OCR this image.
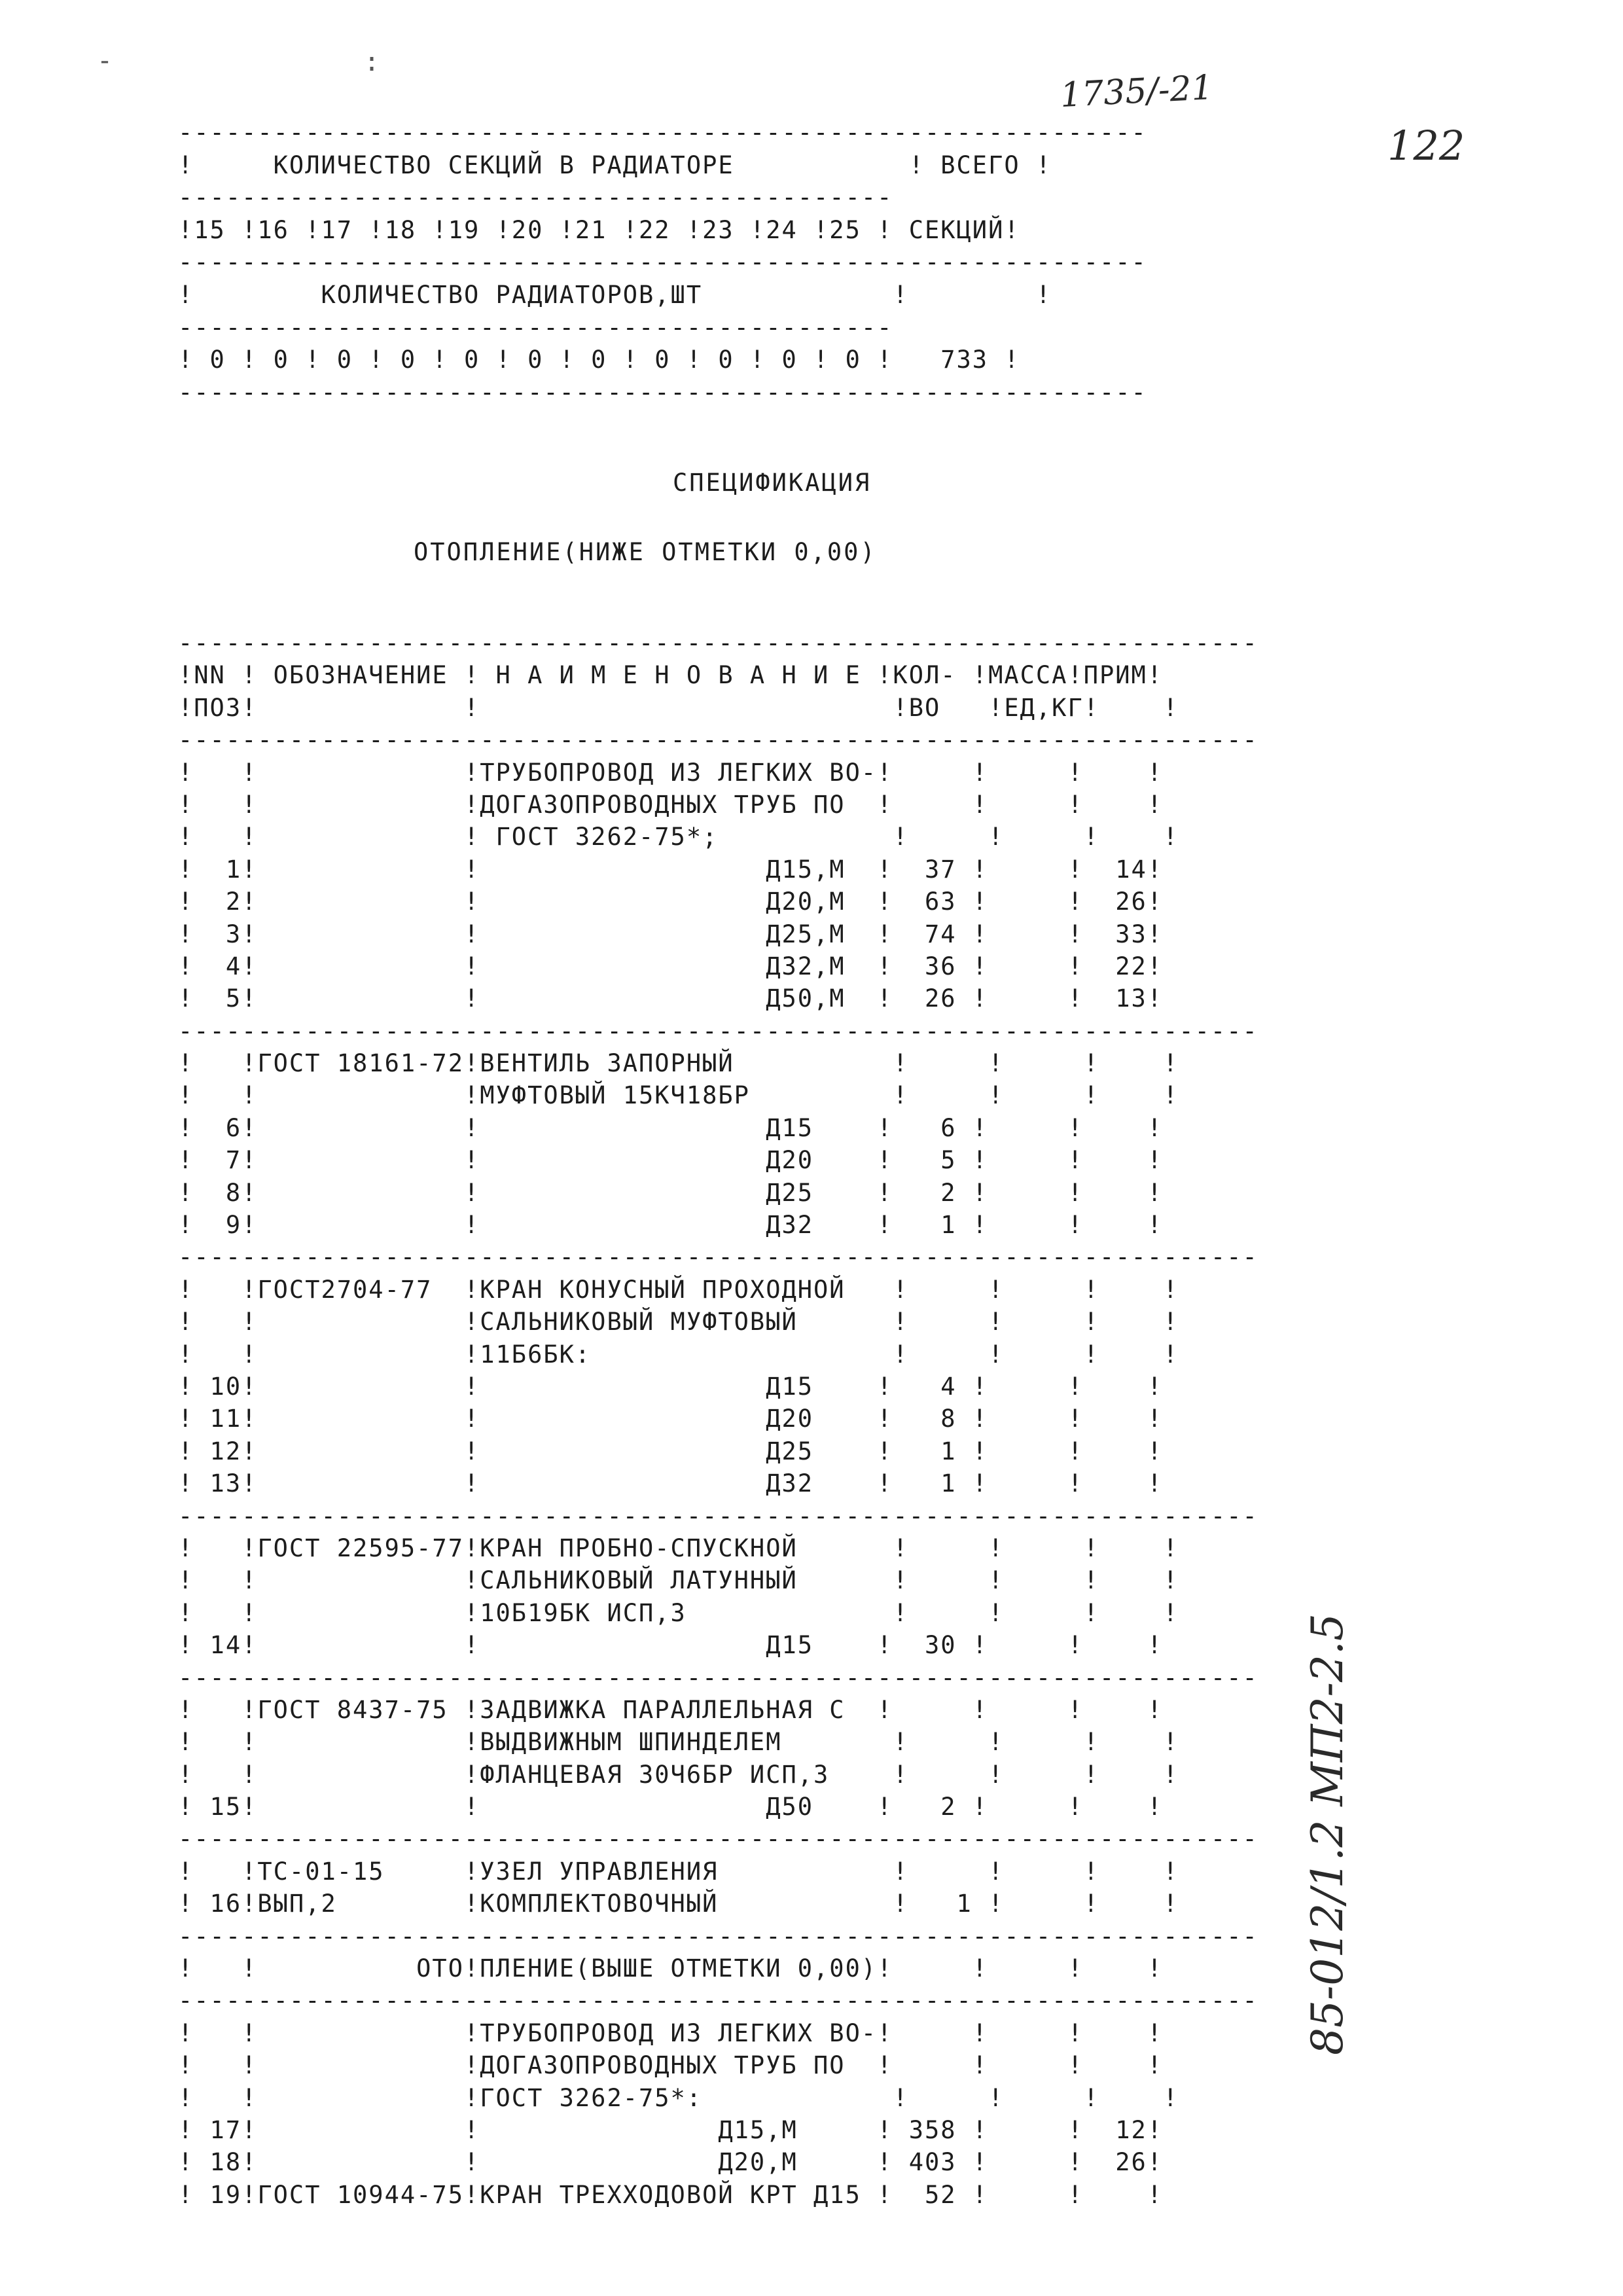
-	:
1735/-21
122
85-012/1.2 МП2-2.5
-------------------------------------------------------------
!     КОЛИЧЕСТВО СЕКЦИЙ В РАДИАТОРЕ           ! ВСЕГО !
---------------------------------------------
!15 !16 !17 !18 !19 !20 !21 !22 !23 !24 !25 ! СЕКЦИЙ!
-------------------------------------------------------------
!        КОЛИЧЕСТВО РАДИАТОРОВ,ШТ            !        !
---------------------------------------------
! 0 ! 0 ! 0 ! 0 ! 0 ! 0 ! 0 ! 0 ! 0 ! 0 ! 0 !   733 !
-------------------------------------------------------------
СПЕЦИФИКАЦИЯ
ОТОПЛЕНИЕ(НИЖЕ ОТМЕТКИ 0,00)
--------------------------------------------------------------------
!NN ! ОБОЗНАЧЕНИЕ ! Н А И М Е Н О В А Н И Е !КОЛ- !МАССА!ПРИМ!
!ПОЗ!             !                          !ВО   !ЕД,КГ!    !
--------------------------------------------------------------------
!   !             !ТРУБОПРОВОД ИЗ ЛЕГКИХ ВО-!     !     !    !
!   !             !ДОГАЗОПРОВОДНЫХ ТРУБ ПО  !     !     !    !
!   !             ! ГОСТ 3262-75*;           !     !     !    !
!  1!             !                  Д15,М  !  37 !     !  14!
!  2!             !                  Д20,М  !  63 !     !  26!
!  3!             !                  Д25,М  !  74 !     !  33!
!  4!             !                  Д32,М  !  36 !     !  22!
!  5!             !                  Д50,М  !  26 !     !  13!
--------------------------------------------------------------------
!   !ГОСТ 18161-72!ВЕНТИЛЬ ЗАПОРНЫЙ          !     !     !    !
!   !             !МУФТОВЫЙ 15КЧ18БР         !     !     !    !
!  6!             !                  Д15    !   6 !     !    !
!  7!             !                  Д20    !   5 !     !    !
!  8!             !                  Д25    !   2 !     !    !
!  9!             !                  Д32    !   1 !     !    !
--------------------------------------------------------------------
!   !ГОСТ2704-77  !КРАН КОНУСНЫЙ ПРОХОДНОЙ   !     !     !    !
!   !             !САЛЬНИКОВЫЙ МУФТОВЫЙ      !     !     !    !
!   !             !11Б6БК:                   !     !     !    !
! 10!             !                  Д15    !   4 !     !    !
! 11!             !                  Д20    !   8 !     !    !
! 12!             !                  Д25    !   1 !     !    !
! 13!             !                  Д32    !   1 !     !    !
--------------------------------------------------------------------
!   !ГОСТ 22595-77!КРАН ПРОБНО-СПУСКНОЙ      !     !     !    !
!   !             !САЛЬНИКОВЫЙ ЛАТУННЫЙ      !     !     !    !
!   !             !10Б19БК ИСП,3             !     !     !    !
! 14!             !                  Д15    !  30 !     !    !
--------------------------------------------------------------------
!   !ГОСТ 8437-75 !ЗАДВИЖКА ПАРАЛЛЕЛЬНАЯ С  !     !     !    !
!   !             !ВЫДВИЖНЫМ ШПИНДЕЛЕМ       !     !     !    !
!   !             !ФЛАНЦЕВАЯ 30Ч6БР ИСП,3    !     !     !    !
! 15!             !                  Д50    !   2 !     !    !
--------------------------------------------------------------------
!   !ТС-01-15     !УЗЕЛ УПРАВЛЕНИЯ           !     !     !    !
! 16!ВЫП,2        !КОМПЛЕКТОВОЧНЫЙ           !   1 !     !    !
--------------------------------------------------------------------
!   !          ОТО!ПЛЕНИЕ(ВЫШЕ ОТМЕТКИ 0,00)!     !     !    !
--------------------------------------------------------------------
!   !             !ТРУБОПРОВОД ИЗ ЛЕГКИХ ВО-!     !     !    !
!   !             !ДОГАЗОПРОВОДНЫХ ТРУБ ПО  !     !     !    !
!   !             !ГОСТ 3262-75*:            !     !     !    !
! 17!             !               Д15,М     ! 358 !     !  12!
! 18!             !               Д20,М     ! 403 !     !  26!
! 19!ГОСТ 10944-75!КРАН ТРЕХХОДОВОЙ КРТ Д15 !  52 !     !    !
